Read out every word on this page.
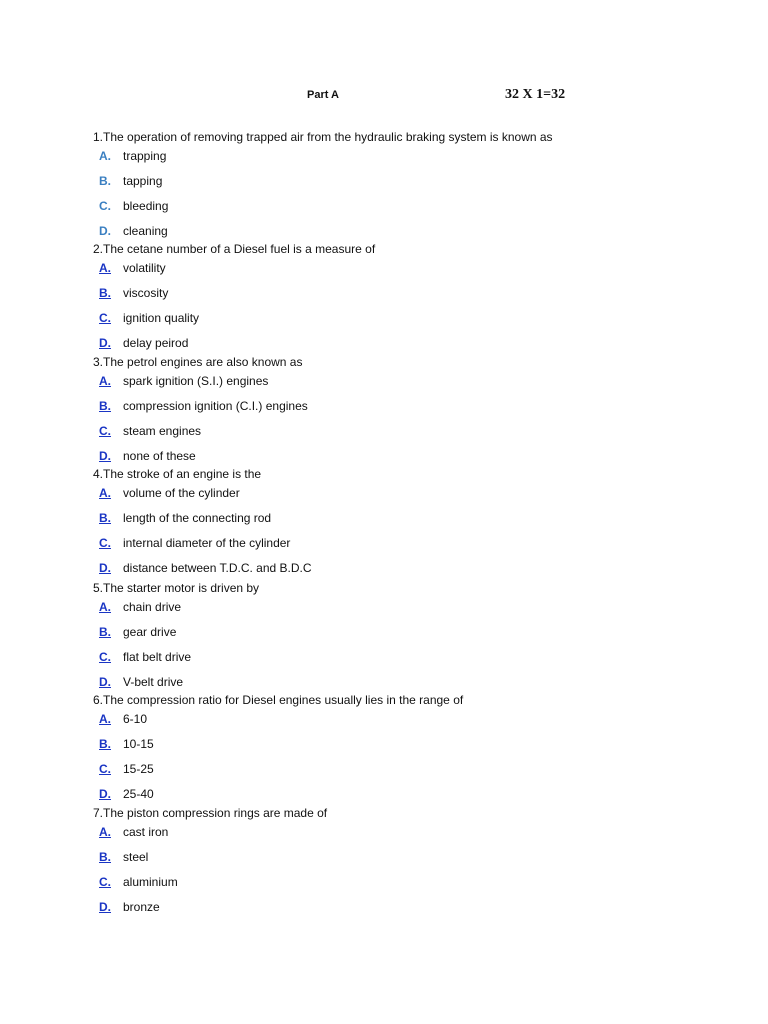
Part A	32 X 1=32
1.The operation of removing trapped air from the hydraulic braking system is known as
A. trapping
B. tapping
C. bleeding
D. cleaning
2.The cetane number of a Diesel fuel is a measure of
A. volatility
B. viscosity
C. ignition quality
D. delay peirod
3.The petrol engines are also known as
A. spark ignition (S.I.) engines
B. compression ignition (C.I.) engines
C. steam engines
D. none of these
4.The stroke of an engine is the
A. volume of the cylinder
B. length of the connecting rod
C. internal diameter of the cylinder
D. distance between T.D.C. and B.D.C
5.The starter motor is driven by
A. chain drive
B. gear drive
C. flat belt drive
D. V-belt drive
6.The compression ratio for Diesel engines usually lies in the range of
A. 6-10
B. 10-15
C. 15-25
D. 25-40
7.The piston compression rings are made of
A. cast iron
B. steel
C. aluminium
D. bronze
